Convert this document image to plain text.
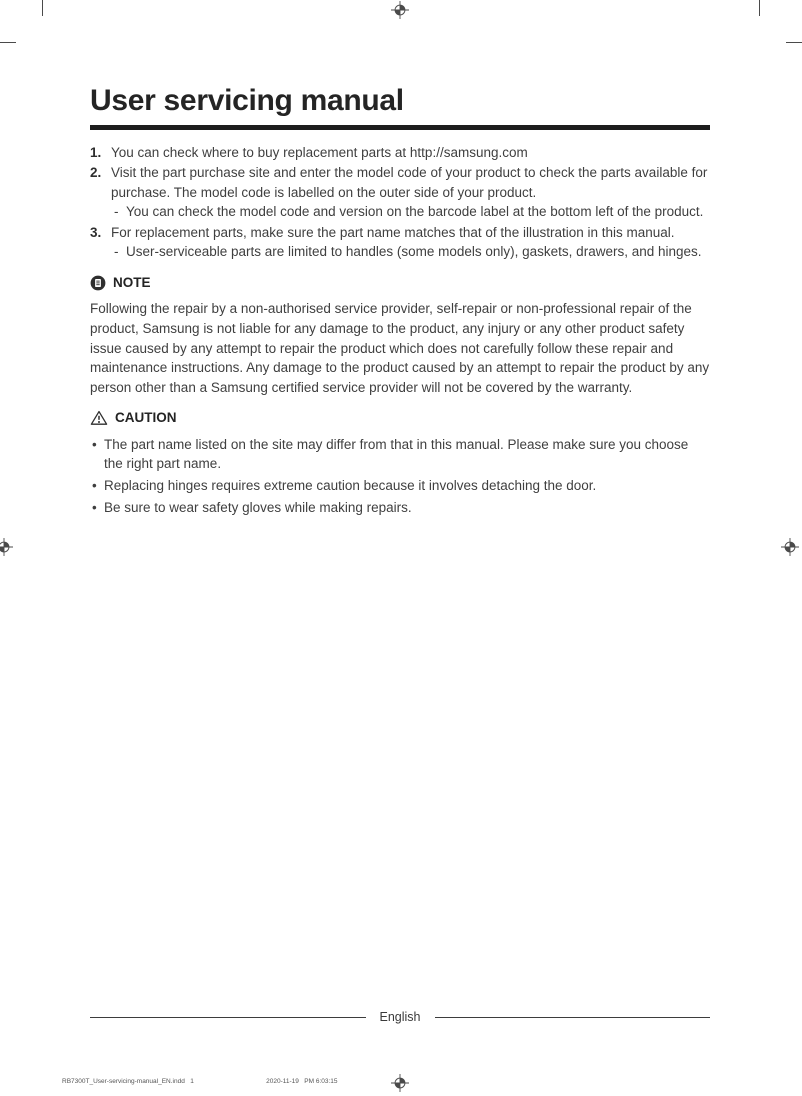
User servicing manual
1. You can check where to buy replacement parts at http://samsung.com
2. Visit the part purchase site and enter the model code of your product to check the parts available for purchase. The model code is labelled on the outer side of your product.
- You can check the model code and version on the barcode label at the bottom left of the product.
3. For replacement parts, make sure the part name matches that of the illustration in this manual.
- User-serviceable parts are limited to handles (some models only), gaskets, drawers, and hinges.
NOTE

Following the repair by a non-authorised service provider, self-repair or non-professional repair of the product, Samsung is not liable for any damage to the product, any injury or any other product safety issue caused by any attempt to repair the product which does not carefully follow these repair and maintenance instructions. Any damage to the product caused by an attempt to repair the product by any person other than a Samsung certified service provider will not be covered by the warranty.

CAUTION
• The part name listed on the site may differ from that in this manual. Please make sure you choose the right part name.
• Replacing hinges requires extreme caution because it involves detaching the door.
• Be sure to wear safety gloves while making repairs.
English
RB7300T_User-servicing-manual_EN.indd   1                                        2020-11-19   PM 6:03:15
